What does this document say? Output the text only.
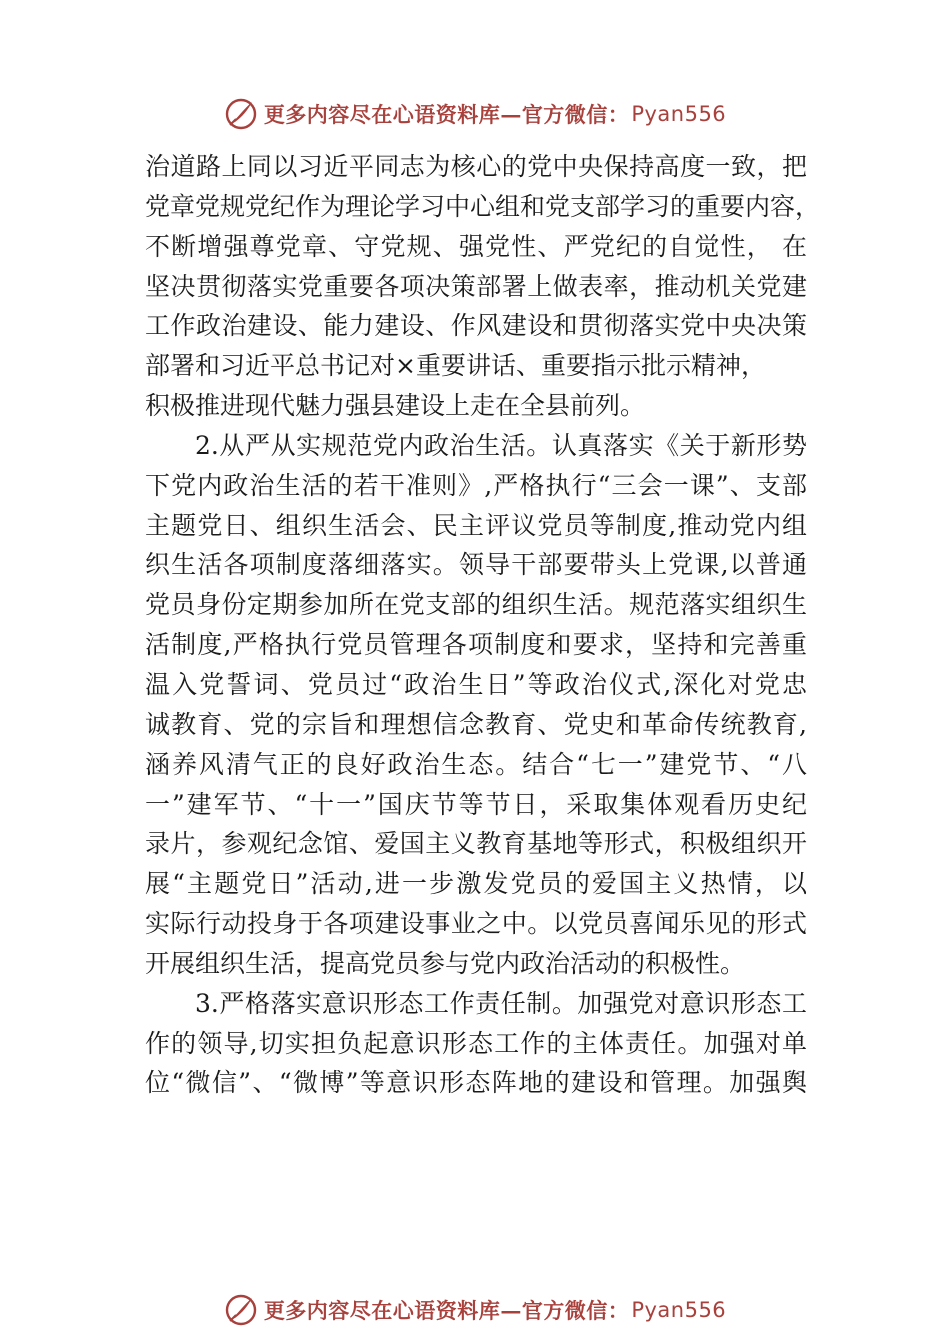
更多内容尽在心语资料库 — 官方微信： Pyan556
治道路上同以习近平同志为核心的党中央保持高度一致，把
党章党规党纪作为理论学习中心组和党支部学习的重要内容，
不断增强尊党章、守党规、强党性、严党纪的自觉性， 在
坚决贯彻落实党重要各项决策部署上做表率，推动机关党建
工作政治建设、能力建设、作风建设和贯彻落实党中央决策
部署和习近平总书记对×重要讲话、重要指示批示精神，
积极推进现代魅力强县建设上走在全县前列。
2.从严从实规范党内政治生活。认真落实《关于新形势
下党内政治生活的若干准则》,严格执行“三会一课”、支部
主题党日、组织生活会、民主评议党员等制度,推动党内组
织生活各项制度落细落实。领导干部要带头上党课,以普通
党员身份定期参加所在党支部的组织生活。规范落实组织生
活制度,严格执行党员管理各项制度和要求，坚持和完善重
温入党誓词、党员过“政治生日”等政治仪式,深化对党忠
诚教育、党的宗旨和理想信念教育、党史和革命传统教育,
涵养风清气正的良好政治生态。结合“七一”建党节、“八
一”建军节、“十一”国庆节等节日，采取集体观看历史纪
录片，参观纪念馆、爱国主义教育基地等形式，积极组织开
展“主题党日”活动,进一步激发党员的爱国主义热情，以
实际行动投身于各项建设事业之中。以党员喜闻乐见的形式
开展组织生活，提高党员参与党内政治活动的积极性。
3.严格落实意识形态工作责任制。加强党对意识形态工
作的领导,切实担负起意识形态工作的主体责任。加强对单
位“微信”、“微博”等意识形态阵地的建设和管理。加强舆
更多内容尽在心语资料库 — 官方微信： Pyan556
